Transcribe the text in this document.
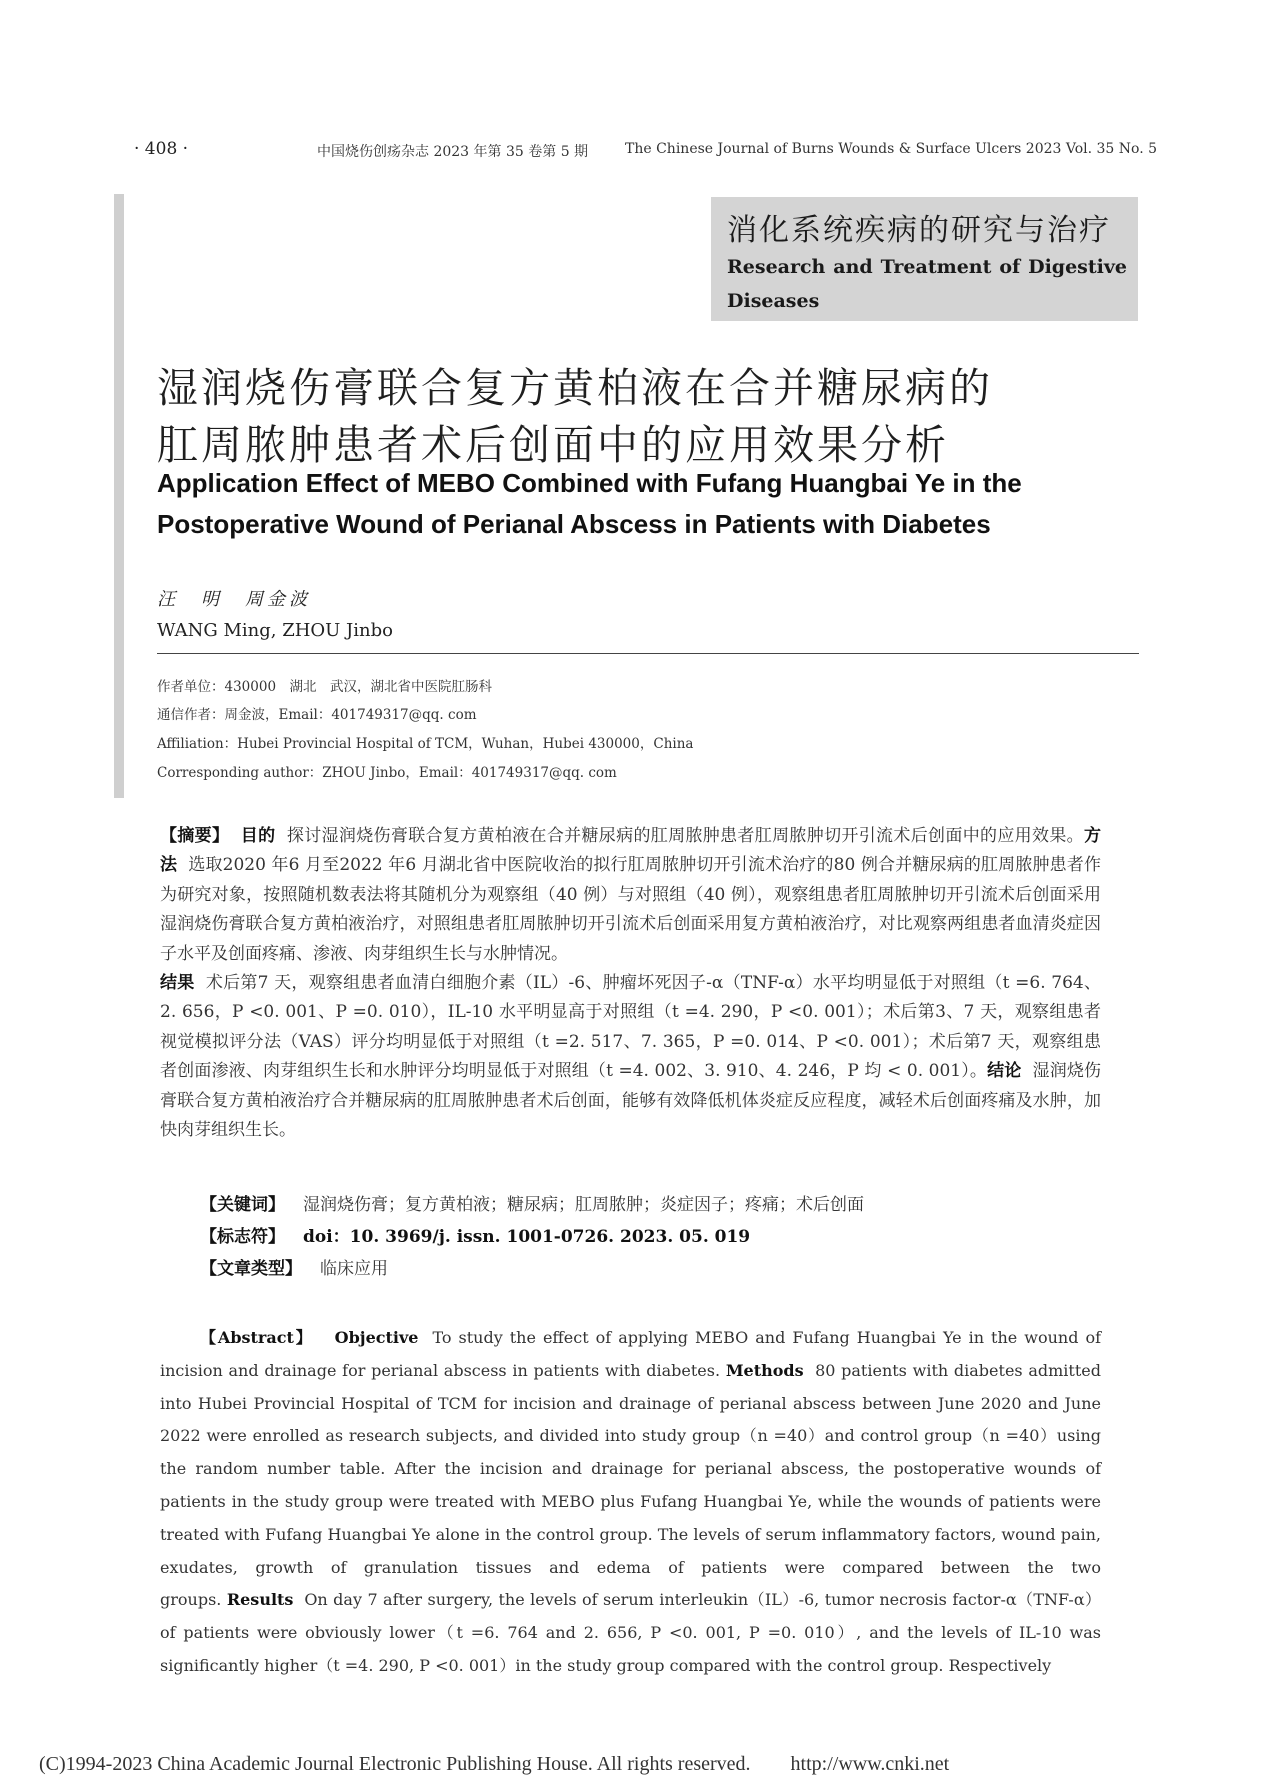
· 408 ·	中国烧伤创疡杂志 2023 年第 35 卷第 5 期	The Chinese Journal of Burns Wounds & Surface Ulcers 2023 Vol. 35 No. 5
消化系统疾病的研究与治疗
Research and Treatment of Digestive Diseases
湿润烧伤膏联合复方黄柏液在合并糖尿病的
肛周脓肿患者术后创面中的应用效果分析
Application Effect of MEBO Combined with Fufang Huangbai Ye in the
Postoperative Wound of Perianal Abscess in Patients with Diabetes
汪　明　周金波
WANG Ming, ZHOU Jinbo
作者单位：430000　湖北　武汉，湖北省中医院肛肠科
通信作者：周金波，Email：401749317@qq. com
Affiliation：Hubei Provincial Hospital of TCM，Wuhan，Hubei 430000，China
Corresponding author：ZHOU Jinbo，Email：401749317@qq. com
【摘要】 目的 探讨湿润烧伤膏联合复方黄柏液在合并糖尿病的肛周脓肿患者肛周脓肿切开引流术后创面中的应用效果。方法 选取2020 年6 月至2022 年6 月湖北省中医院收治的拟行肛周脓肿切开引流术治疗的80 例合并糖尿病的肛周脓肿患者作为研究对象，按照随机数表法将其随机分为观察组（40 例）与对照组（40 例），观察组患者肛周脓肿切开引流术后创面采用湿润烧伤膏联合复方黄柏液治疗，对照组患者肛周脓肿切开引流术后创面采用复方黄柏液治疗，对比观察两组患者血清炎症因子水平及创面疼痛、渗液、肉芽组织生长与水肿情况。
结果 术后第7 天，观察组患者血清白细胞介素（IL）-6、肿瘤坏死因子-α（TNF-α）水平均明显低于对照组（t =6. 764、2. 656，P <0. 001、P =0. 010），IL-10 水平明显高于对照组（t =4. 290，P <0. 001）；术后第3、7 天，观察组患者视觉模拟评分法（VAS）评分均明显低于对照组（t =2. 517、7. 365，P =0. 014、P <0. 001）；术后第7 天，观察组患者创面渗液、肉芽组织生长和水肿评分均明显低于对照组（t =4. 002、3. 910、4. 246，P 均 < 0. 001）。结论 湿润烧伤膏联合复方黄柏液治疗合并糖尿病的肛周脓肿患者术后创面，能够有效降低机体炎症反应程度，减轻术后创面疼痛及水肿，加快肉芽组织生长。
【关键词】 湿润烧伤膏；复方黄柏液；糖尿病；肛周脓肿；炎症因子；疼痛；术后创面
【标志符】 doi：10. 3969/j. issn. 1001-0726. 2023. 05. 019
【文章类型】 临床应用
【Abstract】 Objective To study the effect of applying MEBO and Fufang Huangbai Ye in the wound of incision and drainage for perianal abscess in patients with diabetes. Methods 80 patients with diabetes admitted into Hubei Provincial Hospital of TCM for incision and drainage of perianal abscess between June 2020 and June 2022 were enrolled as research subjects, and divided into study group（n =40）and control group（n =40）using the random number table. After the incision and drainage for perianal abscess, the postoperative wounds of patients in the study group were treated with MEBO plus Fufang Huangbai Ye, while the wounds of patients were treated with Fufang Huangbai Ye alone in the control group. The levels of serum inflammatory factors, wound pain, exudates, growth of granulation tissues and edema of patients were compared between the two groups. Results On day 7 after surgery, the levels of serum interleukin（IL）-6, tumor necrosis factor-α（TNF-α）of patients were obviously lower（t =6. 764 and 2. 656, P <0. 001, P =0. 010）, and the levels of IL-10 was significantly higher（t =4. 290, P <0. 001）in the study group compared with the control group. Respectively
(C)1994-2023 China Academic Journal Electronic Publishing House. All rights reserved.　　http://www.cnki.net
